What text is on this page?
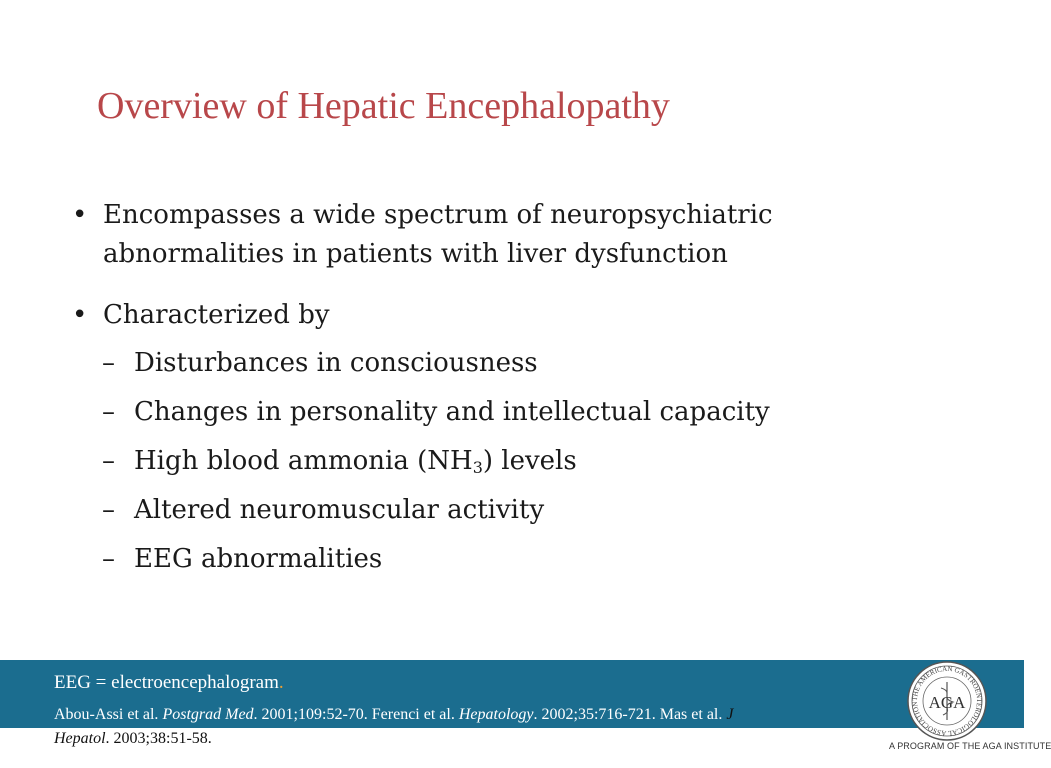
Overview of Hepatic Encephalopathy
• Encompasses a wide spectrum of neuropsychiatric
abnormalities in patients with liver dysfunction
• Characterized by
– Disturbances in consciousness
– Changes in personality and intellectual capacity
– High blood ammonia $(NH_3)$ levels
– Altered neuromuscular activity
– EEG abnormalities
EEG = electroencephalogram.
Abou-Assi et al. Postgrad Med. 2001;109:52-70. Ferenci et al. Hepatology. 2002;35:716-721. Mas et al. J
Hepatol. 2003;38:51-58.
THE AMERICAN GASTROENTEROLOGICAL ASSOCIATION AGA
A PROGRAM OF THE AGA INSTITUTE
